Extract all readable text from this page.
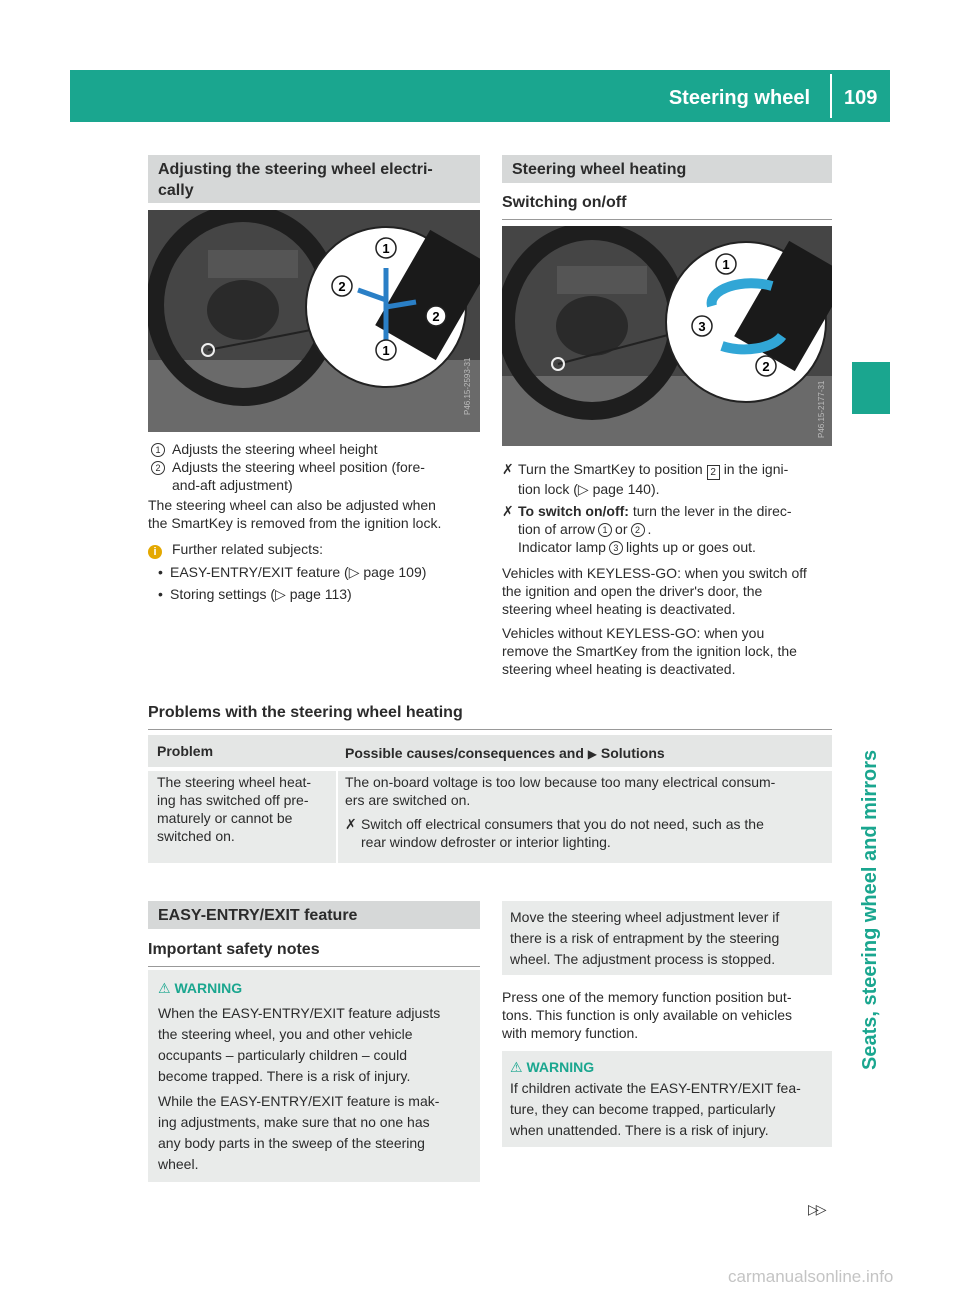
Steering wheel 109
Seats, steering wheel and mirrors
Adjusting the steering wheel electri-
cally
1
1
2
2
P46.15-2593-31
1 Adjusts the steering wheel height
2 Adjusts the steering wheel position (fore-
and-aft adjustment)

The steering wheel can also be adjusted when
the SmartKey is removed from the ignition lock.

i Further related subjects:

• EASY-ENTRY/EXIT feature (▷ page 109)
• Storing settings (▷ page 113)
Steering wheel heating
Switching on/off
1
3
2
P46.15-2177-31
✗ Turn the SmartKey to position 2 in the igni-
tion lock (▷ page 140).
✗ To switch on/off: turn the lever in the direc-
tion of arrow 1 or 2 .
Indicator lamp 3 lights up or goes out.

Vehicles with KEYLESS-GO: when you switch off
the ignition and open the driver's door, the
steering wheel heating is deactivated.

Vehicles without KEYLESS-GO: when you
remove the SmartKey from the ignition lock, the
steering wheel heating is deactivated.

Problems with the steering wheel heating
Problem	Possible causes/consequences and ▶ Solutions
The steering wheel heat-
ing has switched off pre-
maturely or cannot be
switched on.
The on-board voltage is too low because too many electrical consum-
ers are switched on.
✗ Switch off electrical consumers that you do not need, such as the
rear window defroster or interior lighting.
EASY-ENTRY/EXIT feature
Important safety notes
⚠ WARNING
When the EASY-ENTRY/EXIT feature adjusts
the steering wheel, you and other vehicle
occupants – particularly children – could
become trapped. There is a risk of injury.
While the EASY-ENTRY/EXIT feature is mak-
ing adjustments, make sure that no one has
any body parts in the sweep of the steering
wheel.
Move the steering wheel adjustment lever if
there is a risk of entrapment by the steering
wheel. The adjustment process is stopped.
Press one of the memory function position but-
tons. This function is only available on vehicles
with memory function.
⚠ WARNING
If children activate the EASY-ENTRY/EXIT fea-
ture, they can become trapped, particularly
when unattended. There is a risk of injury.
▷▷
carmanualsonline.info
